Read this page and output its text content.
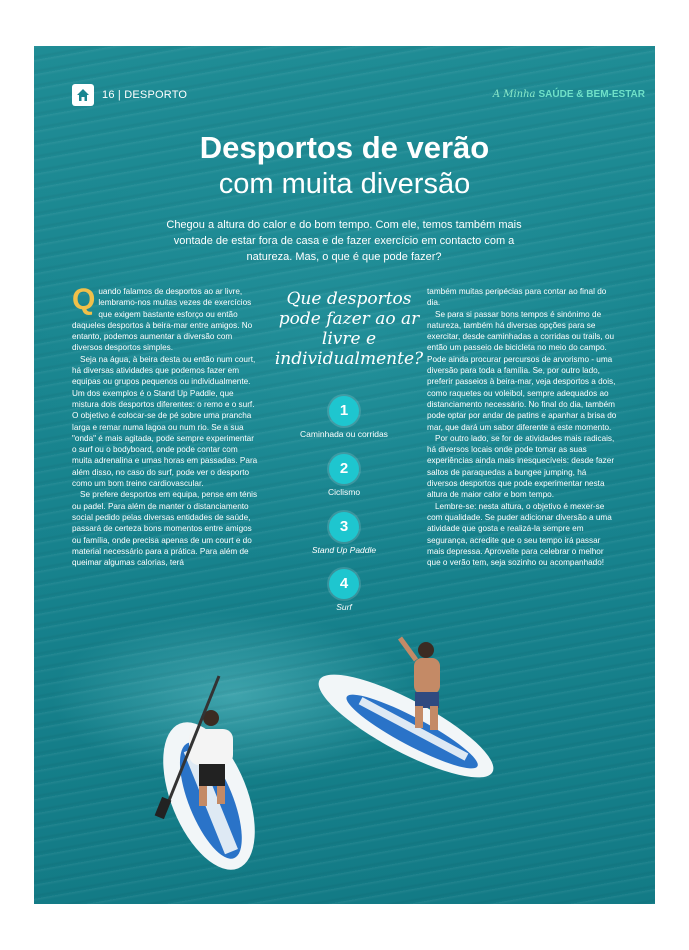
16 | DESPORTO	A Minha SAÚDE & BEM-ESTAR
Desportos de verão
com muita diversão
Chegou a altura do calor e do bom tempo. Com ele, temos também mais vontade de estar fora de casa e de fazer exercício em contacto com a natureza. Mas, o que é que pode fazer?
Q uando falamos de desportos ao ar livre, lembramo-nos muitas vezes de exercícios que exigem bastante esforço ou então daqueles desportos à beira-mar entre amigos. No entanto, podemos aumentar a diversão com diversos desportos simples.

Seja na água, à beira desta ou então num court, há diversas atividades que podemos fazer em equipas ou grupos pequenos ou individualmente. Um dos exemplos é o Stand Up Paddle, que mistura dois desportos diferentes: o remo e o surf. O objetivo é colocar-se de pé sobre uma prancha larga e remar numa lagoa ou num rio. Se a sua "onda" é mais agitada, pode sempre experimentar o surf ou o bodyboard, onde pode contar com muita adrenalina e umas horas em passadas. Para além disso, no caso do surf, pode ver o desporto como um bom treino cardiovascular.

Se prefere desportos em equipa, pense em ténis ou padel. Para além de manter o distanciamento social pedido pelas diversas entidades de saúde, passará de certeza bons momentos entre amigos ou família, onde precisa apenas de um court e do material necessário para a prática. Para além de queimar algumas calorias, terá

Que desportos pode fazer ao ar livre e individualmente?
1
Caminhada ou corridas
2
Ciclismo
3
Stand Up Paddle
4
Surf

também muitas peripécias para contar ao final do dia.

Se para si passar bons tempos é sinónimo de natureza, também há diversas opções para se exercitar, desde caminhadas a corridas ou trails, ou então um passeio de bicicleta no meio do campo. Pode ainda procurar percursos de arvorismo - uma diversão para toda a família. Se, por outro lado, preferir passeios à beira-mar, veja desportos a dois, como raquetes ou voleibol, sempre adequados ao distanciamento necessário. No final do dia, também pode optar por andar de patins e apanhar a brisa do mar, que dará um sabor diferente a este momento.

Por outro lado, se for de atividades mais radicais, há diversos locais onde pode tomar as suas experiências ainda mais inesquecíveis: desde fazer saltos de paraquedas a bungee jumping, há diversos desportos que pode experimentar nesta altura de maior calor e bom tempo.

Lembre-se: nesta altura, o objetivo é mexer-se com qualidade. Se puder adicionar diversão a uma atividade que gosta e realizá-la sempre em segurança, acredite que o seu tempo irá passar mais depressa. Aproveite para celebrar o melhor que o verão tem, seja sozinho ou acompanhado!
